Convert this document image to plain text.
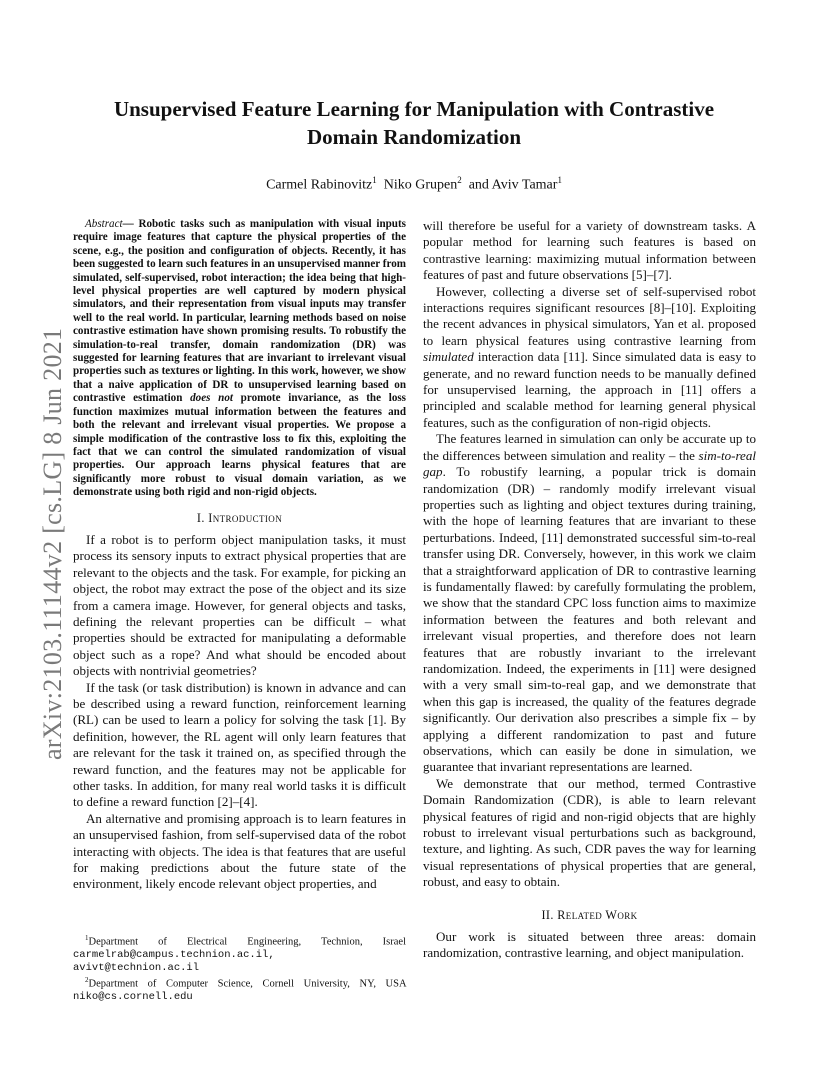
arXiv:2103.11144v2 [cs.LG] 8 Jun 2021
Unsupervised Feature Learning for Manipulation with Contrastive Domain Randomization
Carmel Rabinovitz$^1$ Niko Grupen$^2$ and Aviv Tamar$^1$

Abstract— Robotic tasks such as manipulation with visual inputs require image features that capture the physical properties of the scene, e.g., the position and configuration of objects. Recently, it has been suggested to learn such features in an unsupervised manner from simulated, self-supervised, robot interaction; the idea being that high-level physical properties are well captured by modern physical simulators, and their representation from visual inputs may transfer well to the real world. In particular, learning methods based on noise contrastive estimation have shown promising results. To robustify the simulation-to-real transfer, domain randomization (DR) was suggested for learning features that are invariant to irrelevant visual properties such as textures or lighting. In this work, however, we show that a naive application of DR to unsupervised learning based on contrastive estimation does not promote invariance, as the loss function maximizes mutual information between the features and both the relevant and irrelevant visual properties. We propose a simple modification of the contrastive loss to fix this, exploiting the fact that we can control the simulated randomization of visual properties. Our approach learns physical features that are significantly more robust to visual domain variation, as we demonstrate using both rigid and non-rigid objects.

I. Introduction

If a robot is to perform object manipulation tasks, it must process its sensory inputs to extract physical properties that are relevant to the objects and the task. For example, for picking an object, the robot may extract the pose of the object and its size from a camera image. However, for general objects and tasks, defining the relevant properties can be difficult – what properties should be extracted for manipulating a deformable object such as a rope? And what should be encoded about objects with nontrivial geometries?

If the task (or task distribution) is known in advance and can be described using a reward function, reinforcement learning (RL) can be used to learn a policy for solving the task [1]. By definition, however, the RL agent will only learn features that are relevant for the task it trained on, as specified through the reward function, and the features may not be applicable for other tasks. In addition, for many real world tasks it is difficult to define a reward function [2]–[4].

An alternative and promising approach is to learn features in an unsupervised fashion, from self-supervised data of the robot interacting with objects. The idea is that features that are useful for making predictions about the future state of the environment, likely encode relevant object properties, and

$^1$Department of Electrical Engineering, Technion, Israel carmelrab@campus.technion.ac.il, avivt@technion.ac.il

$^2$Department of Computer Science, Cornell University, NY, USA niko@cs.cornell.edu

will therefore be useful for a variety of downstream tasks. A popular method for learning such features is based on contrastive learning: maximizing mutual information between features of past and future observations [5]–[7].

However, collecting a diverse set of self-supervised robot interactions requires significant resources [8]–[10]. Exploiting the recent advances in physical simulators, Yan et al. proposed to learn physical features using contrastive learning from simulated interaction data [11]. Since simulated data is easy to generate, and no reward function needs to be manually defined for unsupervised learning, the approach in [11] offers a principled and scalable method for learning general physical features, such as the configuration of non-rigid objects.

The features learned in simulation can only be accurate up to the differences between simulation and reality – the sim-to-real gap. To robustify learning, a popular trick is domain randomization (DR) – randomly modify irrelevant visual properties such as lighting and object textures during training, with the hope of learning features that are invariant to these perturbations. Indeed, [11] demonstrated successful sim-to-real transfer using DR. Conversely, however, in this work we claim that a straightforward application of DR to contrastive learning is fundamentally flawed: by carefully formulating the problem, we show that the standard CPC loss function aims to maximize information between the features and both relevant and irrelevant visual properties, and therefore does not learn features that are robustly invariant to the irrelevant randomization. Indeed, the experiments in [11] were designed with a very small sim-to-real gap, and we demonstrate that when this gap is increased, the quality of the features degrade significantly. Our derivation also prescribes a simple fix – by applying a different randomization to past and future observations, which can easily be done in simulation, we guarantee that invariant representations are learned.

We demonstrate that our method, termed Contrastive Domain Randomization (CDR), is able to learn relevant physical features of rigid and non-rigid objects that are highly robust to irrelevant visual perturbations such as background, texture, and lighting. As such, CDR paves the way for learning visual representations of physical properties that are general, robust, and easy to obtain.

II. Related Work

Our work is situated between three areas: domain randomization, contrastive learning, and object manipulation.
